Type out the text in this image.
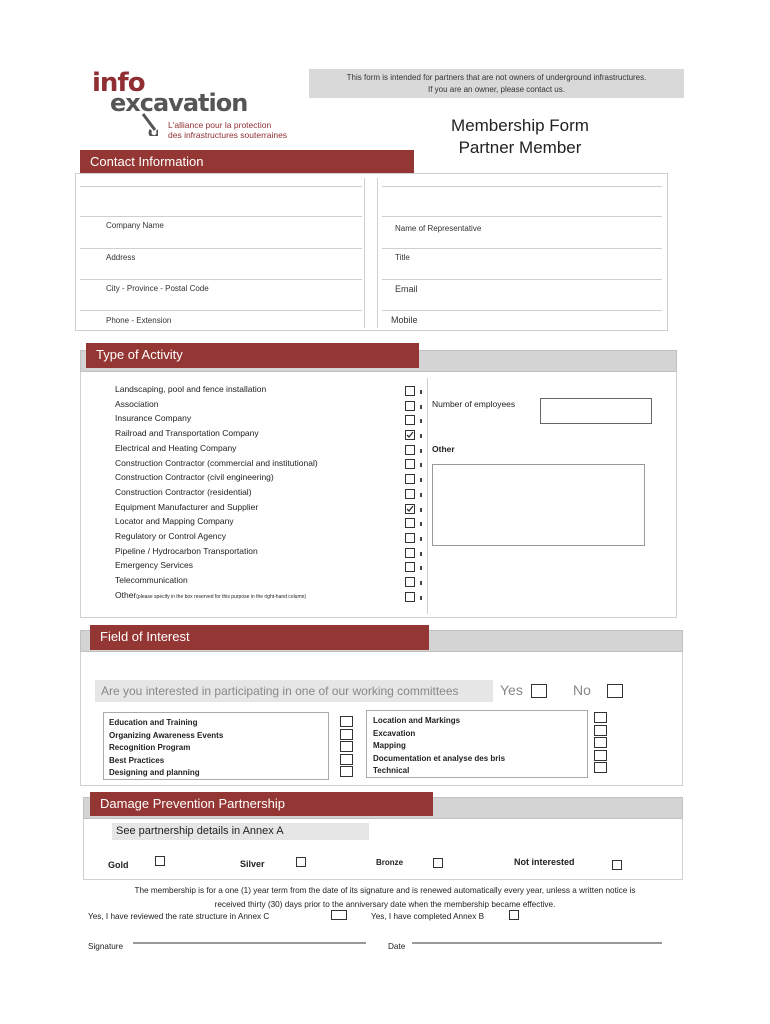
info
excavation
L'alliance pour la protection
des infrastructures souterraines
This form is intended for partners that are not owners of underground infrastructures.
If you are an owner, please contact us.
Membership Form
Partner Member
Contact Information
Company Name
Address
City - Province - Postal Code
Phone - Extension
Name of Representative
Title
Email
Mobile
Type of Activity
Landscaping, pool and fence installation
Association
Insurance Company
Railroad and Transportation Company
Electrical and Heating Company
Construction Contractor (commercial and institutional)
Construction Contractor (civil engineering)
Construction Contractor (residential)
Equipment Manufacturer and Supplier
Locator and Mapping Company
Regulatory or Control Agency
Pipeline / Hydrocarbon Transportation
Emergency Services
Telecommunication
Other(please specify in the box reserved for this purpose in the right-hand column)
Number of employees
Other
Field of Interest
Are you interested in participating in one of our working committees	Yes	No
Education and Training
Organizing Awareness Events
Recognition Program
Best Practices
Designing and planning
Location and Markings
Excavation
Mapping
Documentation et analyse des bris
Technical
Damage Prevention Partnership
See partnership details in Annex A
Gold	Silver	Bronze	Not interested
The membership is for a one (1) year term from the date of its signature and is renewed automatically every year, unless a written notice is
received thirty (30) days prior to the anniversary date when the membership became effective.
Yes, I have reviewed the rate structure in Annex C	Yes, I have completed Annex B
Signature	Date
